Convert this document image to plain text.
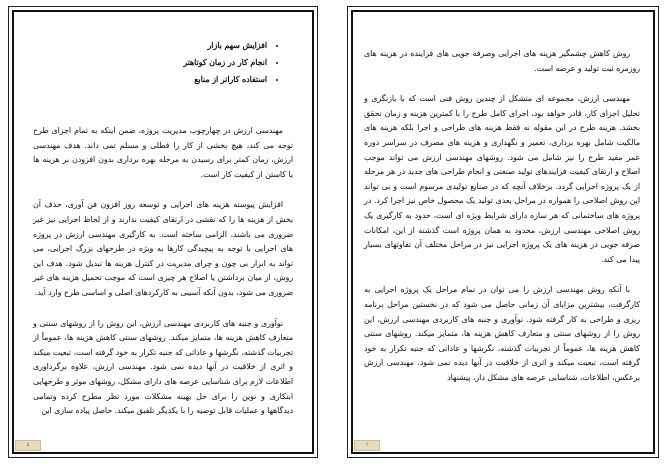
• افزایش سهم بازار
• انجام کار در زمان کوتاهتر
• استفاده کاراتر از منابع

مهندسی ارزش در چهارچوب مدیریت پروژه، ضمن اینکه به تمام اجزای طرح توجه می کند، هیچ بخشی از کار را فطلی و مسلم تمی داند. هدف مهندسی ارزش، زمان کمتر برای رسیدن به مرحله بهره برداری بدون افزودن بر هزینه ها یا کاستن از کیفیت کار است.

افزایش پیوسته هزینه های اجرایی و توسعه روز افزون فن آوری، حذف آن بخش از هزینه ها را که نقشی در ارتقای کیفیت ندارند و از لحاظ اجرایی نیز غیر ضروری می باشند، الزامی ساخته است. به کارگیری مهندسی ارزش در پروژه های اجرایی با توجه به پیچیدگی کارها به ویژه در طرحهای بزرگ اجرایی، می تواند به ابزار بی چون و چرای مدیریت در کنترل هزینه ها تبدیل شود. هدف این روش، از میان برداشتن یا اصلاح هر چیزی است که موجب تحمیل هزینه های غیر ضروری می شود، بدون آنکه آسیبی به کارکردهای اصلی و اساسی طرح وارد آید.

نوآوری و جنبه های کاربردی مهندسی ارزش، این روش را از روشهای سنتی و متعارف کاهش هزینه ها، متمایز میکند. روشهای سنتی کاهش هزینه ها، عموماً از تجربیات گذشته، نگرشها و عاداتی که جنبه تکرار به خود گرفته است، تبعیت میکند و اثری از خلاقیت در آنها دیده نمی شود. مهندسی ارزش، علاوه برگرداوری اطلاعات لازم برای شناسایی عرصه های دارای مشکل، روشهای موثر و طرحهایی ابتکاری و نوین را برای حل بهینه مشکلات مورد نظر مطرح کرده وتمامی دیدگاهها و عملیات قابل توصیه را با یکدیگر تلفیق میکند. حاصل پیاده سازی این

۵

روش کاهش چشمگیر هزینه های اجرایی وصرفه جویی های فزاینده در هزینه های روزمره ثبت تولید و عرضه است.

مهندسی ارزش، مجموعه ای متشکل از چندین روش فنی است که با بازنگری و تحلیل اجزای کار، قادر خواهد بود، اجرای کامل طرح را با کمترین هزینه و زمان تحقق بخشد. هزینه طرح در این مقوله نه فقط هزینه های طراحی و اجرا بلکه هزینه های مالکیت شامل بهره برداری، تعمیر و نگهداری و هزینه های مصرف در سراسر دوره عمر مفید طرح را نیز شامل می شود. روشهای مهندسی ارزش می تواند موجب اصلاح و ارتقای کیفیت فرایندهای تولید صنعتی و انجام طراحی های جدید در هر مرحله از یک پروژه اجرایی گردد. برخلاف آنچه که در صنایع تولیدی مرسوم است و بی تواند این روش اصلاحی را همواره در مراحل بعدی تولید یک محصول خاص نیز اجرا کرد. در پروژه های ساختمانی که هر سازه دارای شرایط ویژه ای است، حدود به کارگیری یک روش اصلاحی مهندسی ارزش، محدود به همان پروژه است گذشته از این، امکانات صرفه جویی در هزینه های یک پروژه اجرایی نیز در مراحل مختلف آن تفاوتهای بسیار پیدا می کند.

با آنکه روش مهندسی ارزش را می توان در تمام مراحل یک پروژه اجرایی به کارگرفت، بیشترین مزایای آن زمانی حاصل می شود که در نخستین مراحل برنامه ریزی و طراحی به کار گرفته شود. نوآوری و جنبه های کاربردی مهندسی ارزش، این روش را از روشهای سنتی و متعارف کاهش هزینه ها، متمایز میکند. روشهای سنتی کاهش هزینه ها، عموماً از تجربیات گذشته، نگرشها و عاداتی که جنبه تکرار به خود گرفته است، تبعیت میکند و اثری از خلاقیت در آنها دیده نمی شود. مهندسی ارزش برعکس، اطلاعات، شناسایی عرصه های مشکل دار، پیشنهاد

۶
